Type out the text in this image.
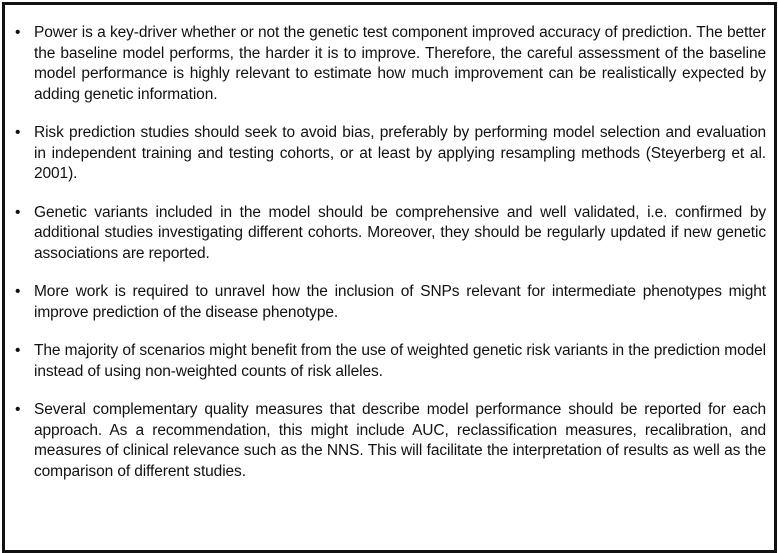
• Power is a key-driver whether or not the genetic test component improved accuracy of prediction. The better the baseline model performs, the harder it is to improve. Therefore, the careful assessment of the baseline model performance is highly relevant to estimate how much improvement can be realistically expected by adding genetic information.

• Risk prediction studies should seek to avoid bias, preferably by performing model selection and evaluation in independent training and testing cohorts, or at least by applying resampling methods (Steyerberg et al. 2001).

• Genetic variants included in the model should be comprehensive and well validated, i.e. confirmed by additional studies investigating different cohorts. Moreover, they should be regularly updated if new genetic associations are reported.

• More work is required to unravel how the inclusion of SNPs relevant for intermediate phenotypes might improve prediction of the disease phenotype.

• The majority of scenarios might benefit from the use of weighted genetic risk variants in the prediction model instead of using non-weighted counts of risk alleles.

• Several complementary quality measures that describe model performance should be reported for each approach. As a recommendation, this might include AUC, reclassification measures, recalibration, and measures of clinical relevance such as the NNS. This will facilitate the interpretation of results as well as the comparison of different studies.
